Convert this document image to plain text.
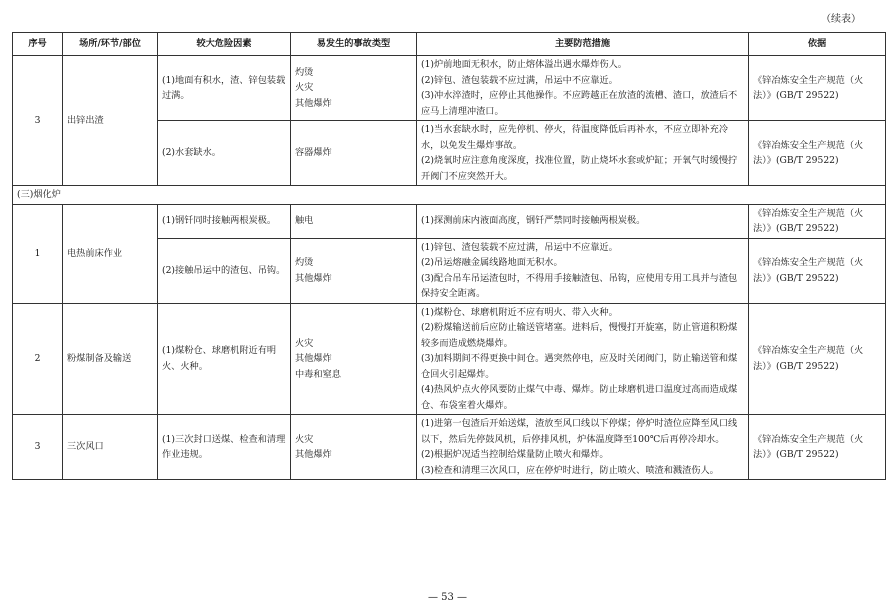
（续表）
序号	场所/环节/部位	较大危险因素	易发生的事故类型	主要防范措施	依据
3	出锌出渣	(1)地面有积水，渣、锌包装载过满。	灼烫
火灾
其他爆炸	(1)炉前地面无积水，防止熔体溢出遇水爆炸伤人。
(2)锌包、渣包装载不应过满，吊运中不应靠近。
(3)冲水淬渣时，应停止其他操作。不应跨越正在放渣的流槽、渣口，放渣后不应马上清理冲渣口。	《锌冶炼安全生产规范（火法）》(GB/T 29522)
		(2)水套缺水。	容器爆炸	(1)当水套缺水时，应先停机、停火，待温度降低后再补水，不应立即补充冷水，以免发生爆炸事故。
(2)烧氧时应注意角度深度，找准位置，防止烧坏水套或炉缸；开氧气时缓慢拧开阀门不应突然开大。	《锌冶炼安全生产规范（火法）》(GB/T 29522)
(三)烟化炉					
1	电热前床作业	(1)钢钎同时接触两根炭极。	触电	(1)探测前床内液面高度，钢钎严禁同时接触两根炭极。	《锌冶炼安全生产规范（火法）》(GB/T 29522)
		(2)接触吊运中的渣包、吊钩。	灼烫
其他爆炸	(1)锌包、渣包装载不应过满，吊运中不应靠近。
(2)吊运熔融金属线路地面无积水。
(3)配合吊车吊运渣包时，不得用手接触渣包、吊钩，应使用专用工具并与渣包保持安全距离。	《锌冶炼安全生产规范（火法）》(GB/T 29522)
2	粉煤制备及输送	(1)煤粉仓、球磨机附近有明火、火种。	火灾
其他爆炸
中毒和窒息	(1)煤粉仓、球磨机附近不应有明火、带入火种。
(2)粉煤输送前后应防止输送管堵塞。进料后，慢慢打开旋塞，防止管道积粉煤较多而造成燃烧爆炸。
(3)加料期间不得更换中间仓。遇突然停电，应及时关闭阀门，防止输送管和煤仓回火引起爆炸。
(4)热风炉点火停风要防止煤气中毒、爆炸。防止球磨机进口温度过高而造成煤仓、布袋室着火爆炸。	《锌冶炼安全生产规范（火法）》(GB/T 29522)
3	三次风口	(1)三次封口送煤、检查和清理作业违规。	火灾
其他爆炸	(1)进第一包渣后开始送煤，渣放至风口线以下停煤；停炉时渣位应降至风口线以下，然后先停鼓风机，后停排风机，炉体温度降至100℃后再停冷却水。
(2)根据炉况适当控制给煤量防止喷火和爆炸。
(3)检查和清理三次风口，应在停炉时进行，防止喷火、喷渣和溅渣伤人。	《锌冶炼安全生产规范（火法）》(GB/T 29522)
— 53 —
